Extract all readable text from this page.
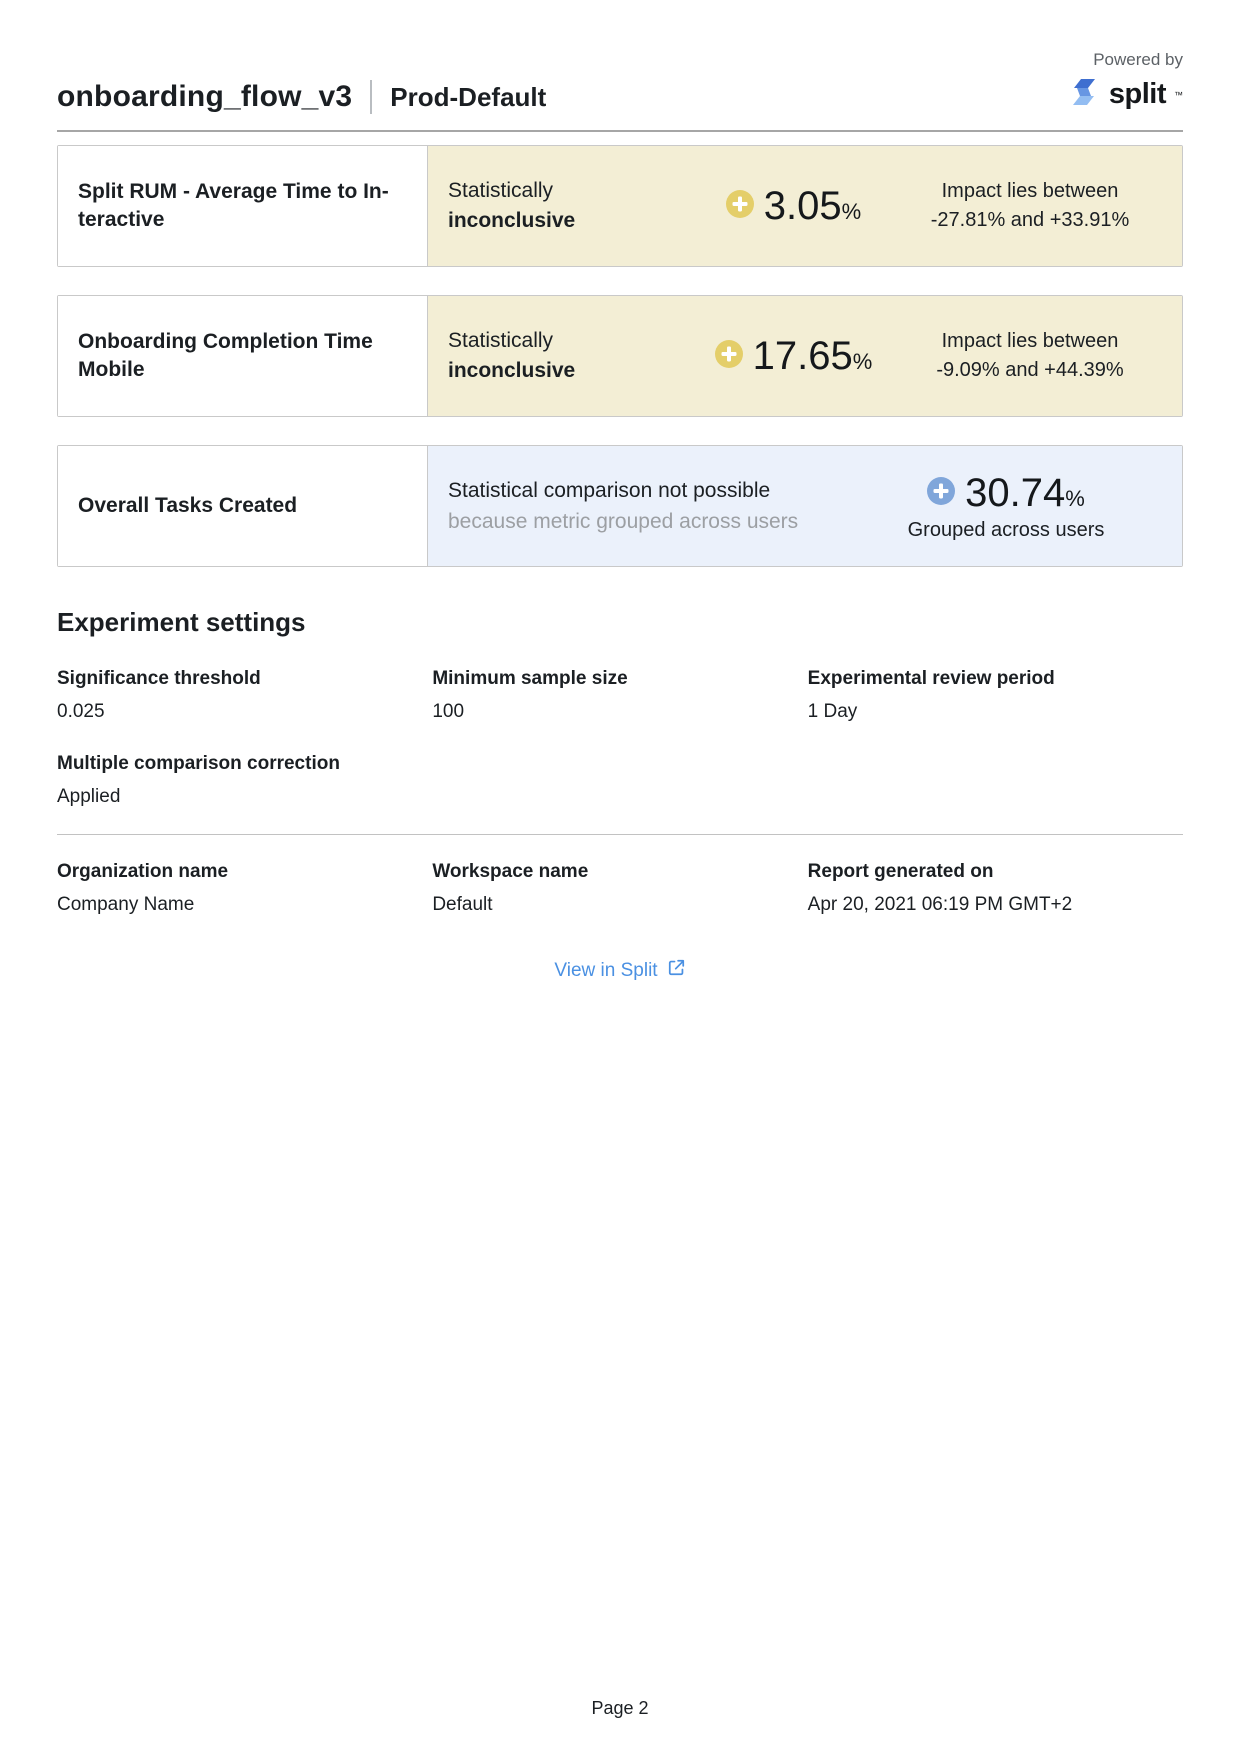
onboarding_flow_v3 Prod-Default
Powered by
split ™
Split RUM - Average Time to In-
teractive
Statistically
inconclusive	3.05%
Impact lies between
-27.81% and +33.91%
Onboarding Completion Time
Mobile
Statistically
inconclusive	17.65%
Impact lies between
-9.09% and +44.39%
Overall Tasks Created
Statistical comparison not possible
because metric grouped across users
30.74%
Grouped across users
Experiment settings
Significance threshold
0.025
Minimum sample size
100
Experimental review period
1 Day
Multiple comparison correction
Applied
Organization name
Company Name
Workspace name
Default
Report generated on
Apr 20, 2021 06:19 PM GMT+2
View in Split
Page 2
